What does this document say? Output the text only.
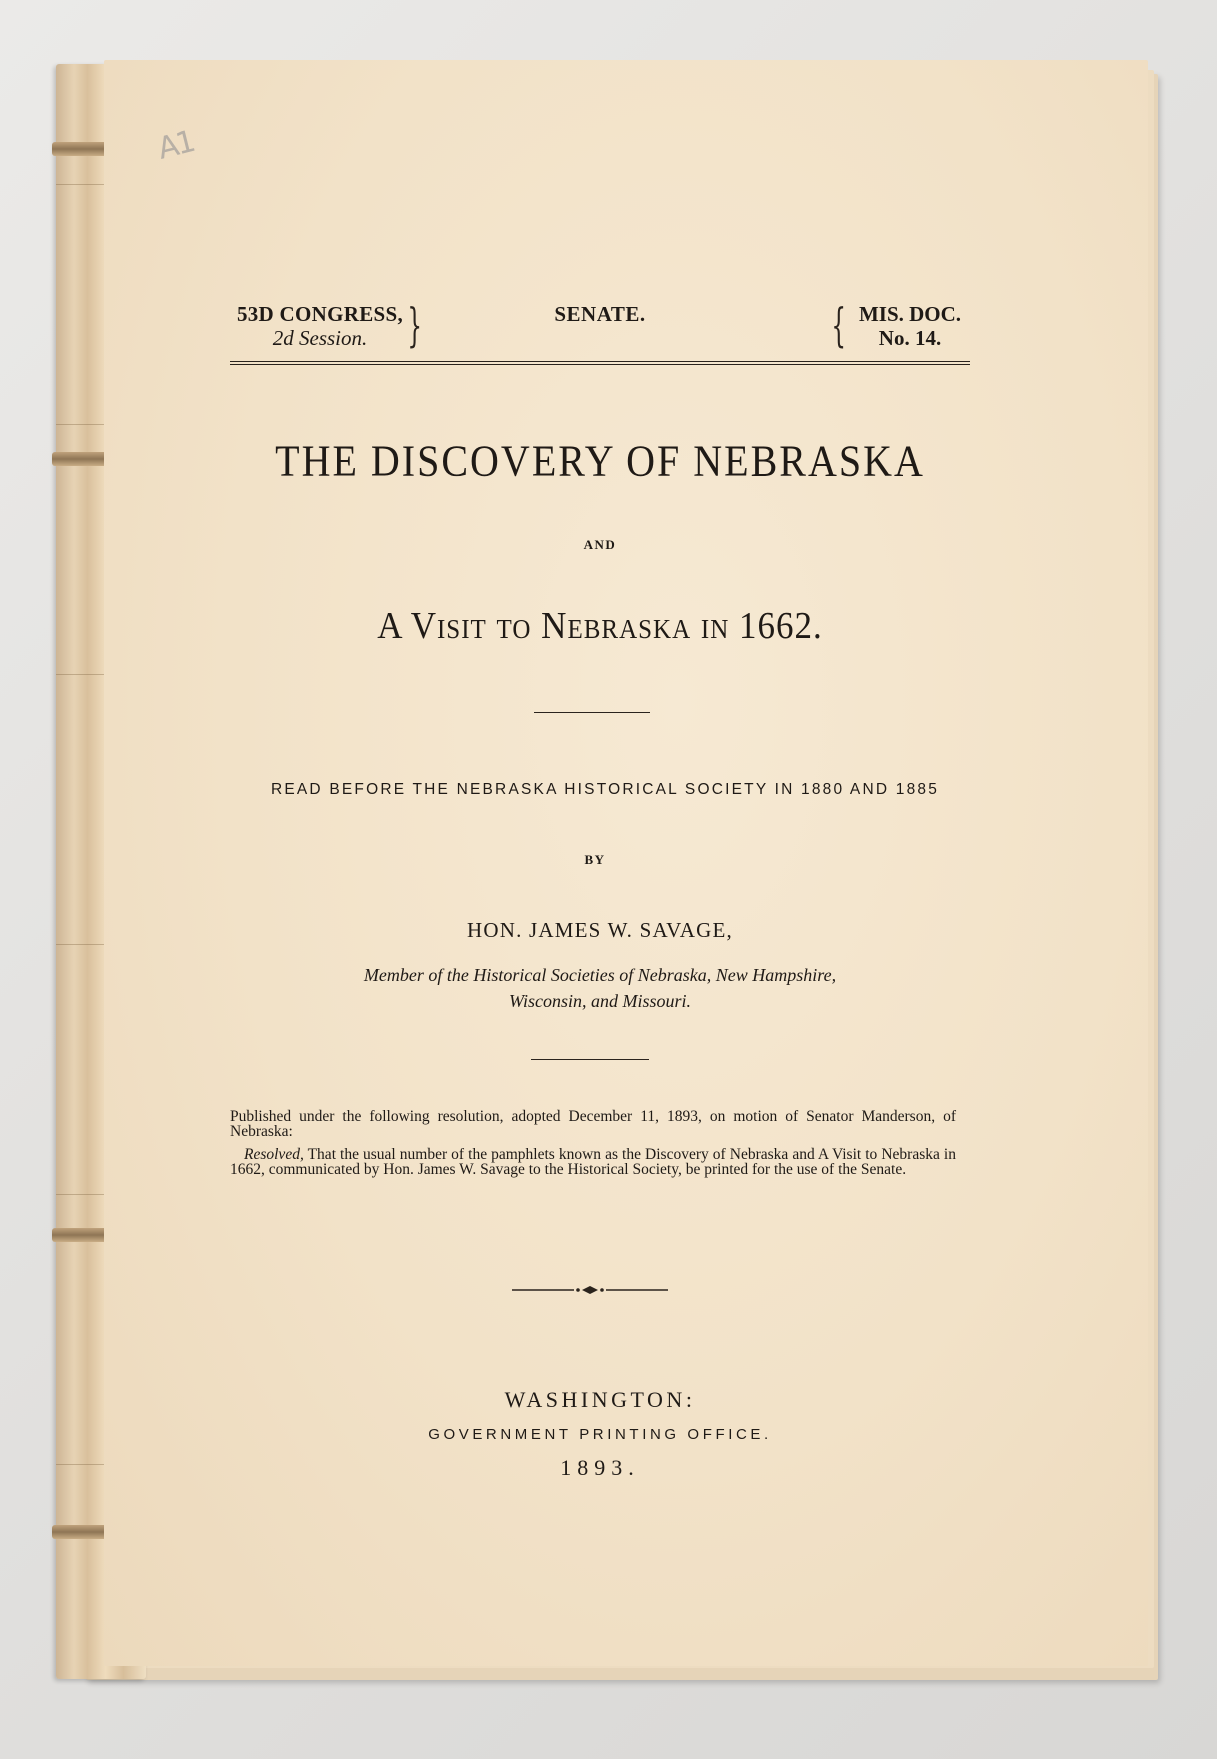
A1
53D CONGRESS,
2d Session. }	SENATE.	{ MIS. DOC.
No. 14.
THE DISCOVERY OF NEBRASKA
AND
A Visit to Nebraska in 1662.
READ BEFORE THE NEBRASKA HISTORICAL SOCIETY IN 1880 AND 1885
BY
HON. JAMES W. SAVAGE,
Member of the Historical Societies of Nebraska, New Hampshire,
Wisconsin, and Missouri.

Published under the following resolution, adopted December 11, 1893, on motion of Senator Manderson, of Nebraska:

Resolved, That the usual number of the pamphlets known as the Discovery of Nebraska and A Visit to Nebraska in 1662, communicated by Hon. James W. Savage to the Historical Society, be printed for the use of the Senate.

WASHINGTON:
GOVERNMENT PRINTING OFFICE.
1893.
